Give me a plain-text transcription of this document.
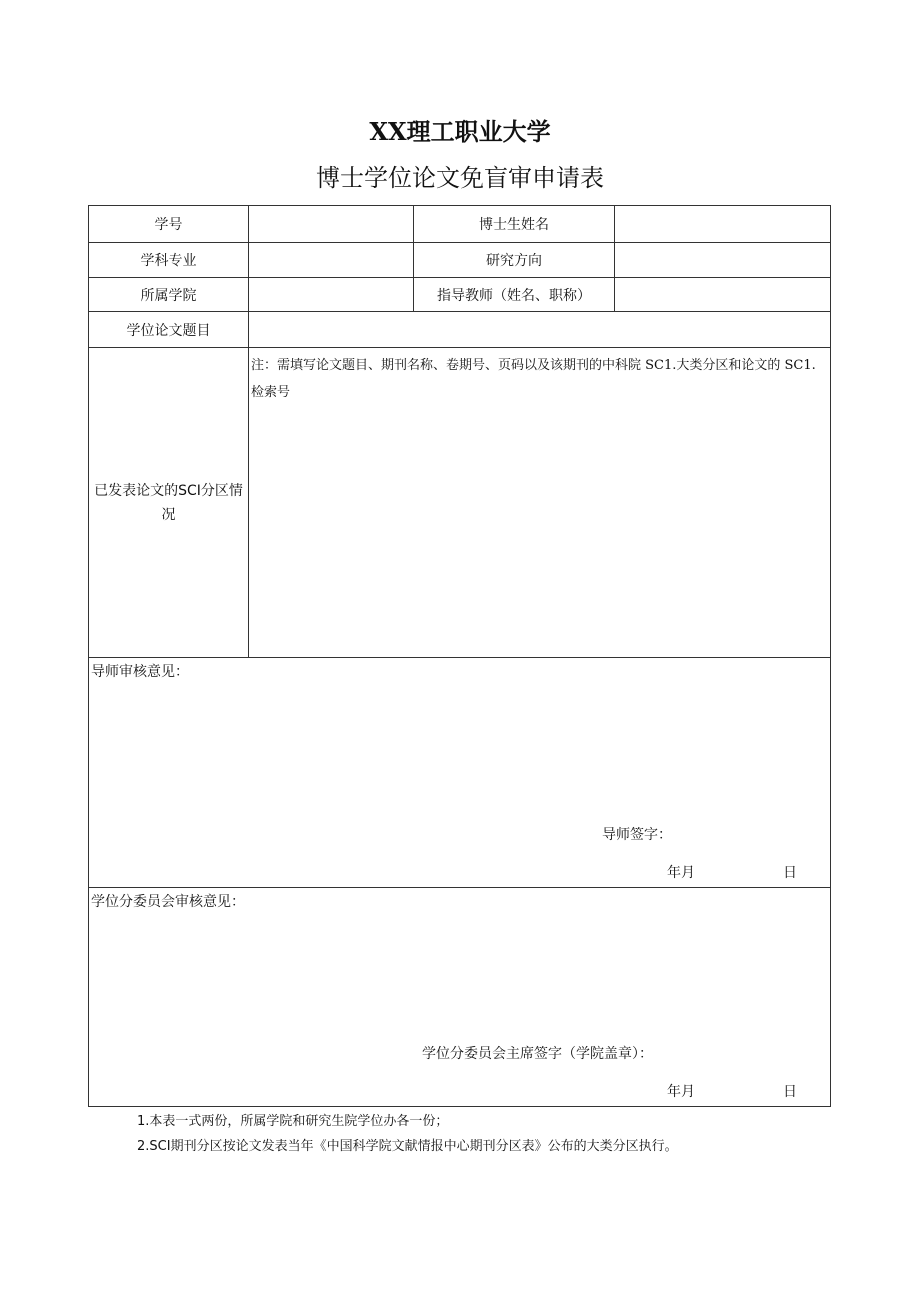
XX理工职业大学
博士学位论文免盲审申请表
学号	博士生姓名
学科专业	研究方向
所属学院	指导教师（姓名、职称）
学位论文题目
已发表论文的SCI分区情况
注：需填写论文题目、期刊名称、卷期号、页码以及该期刊的中科院 SC1.大类分区和论文的 SC1.检索号
导师审核意见：
导师签字：
年月	日
学位分委员会审核意见：
学位分委员会主席签字（学院盖章）：
年月	日
1.本表一式两份，所属学院和研究生院学位办各一份；
2.SCI期刊分区按论文发表当年《中国科学院文献情报中心期刊分区表》公布的大类分区执行。
